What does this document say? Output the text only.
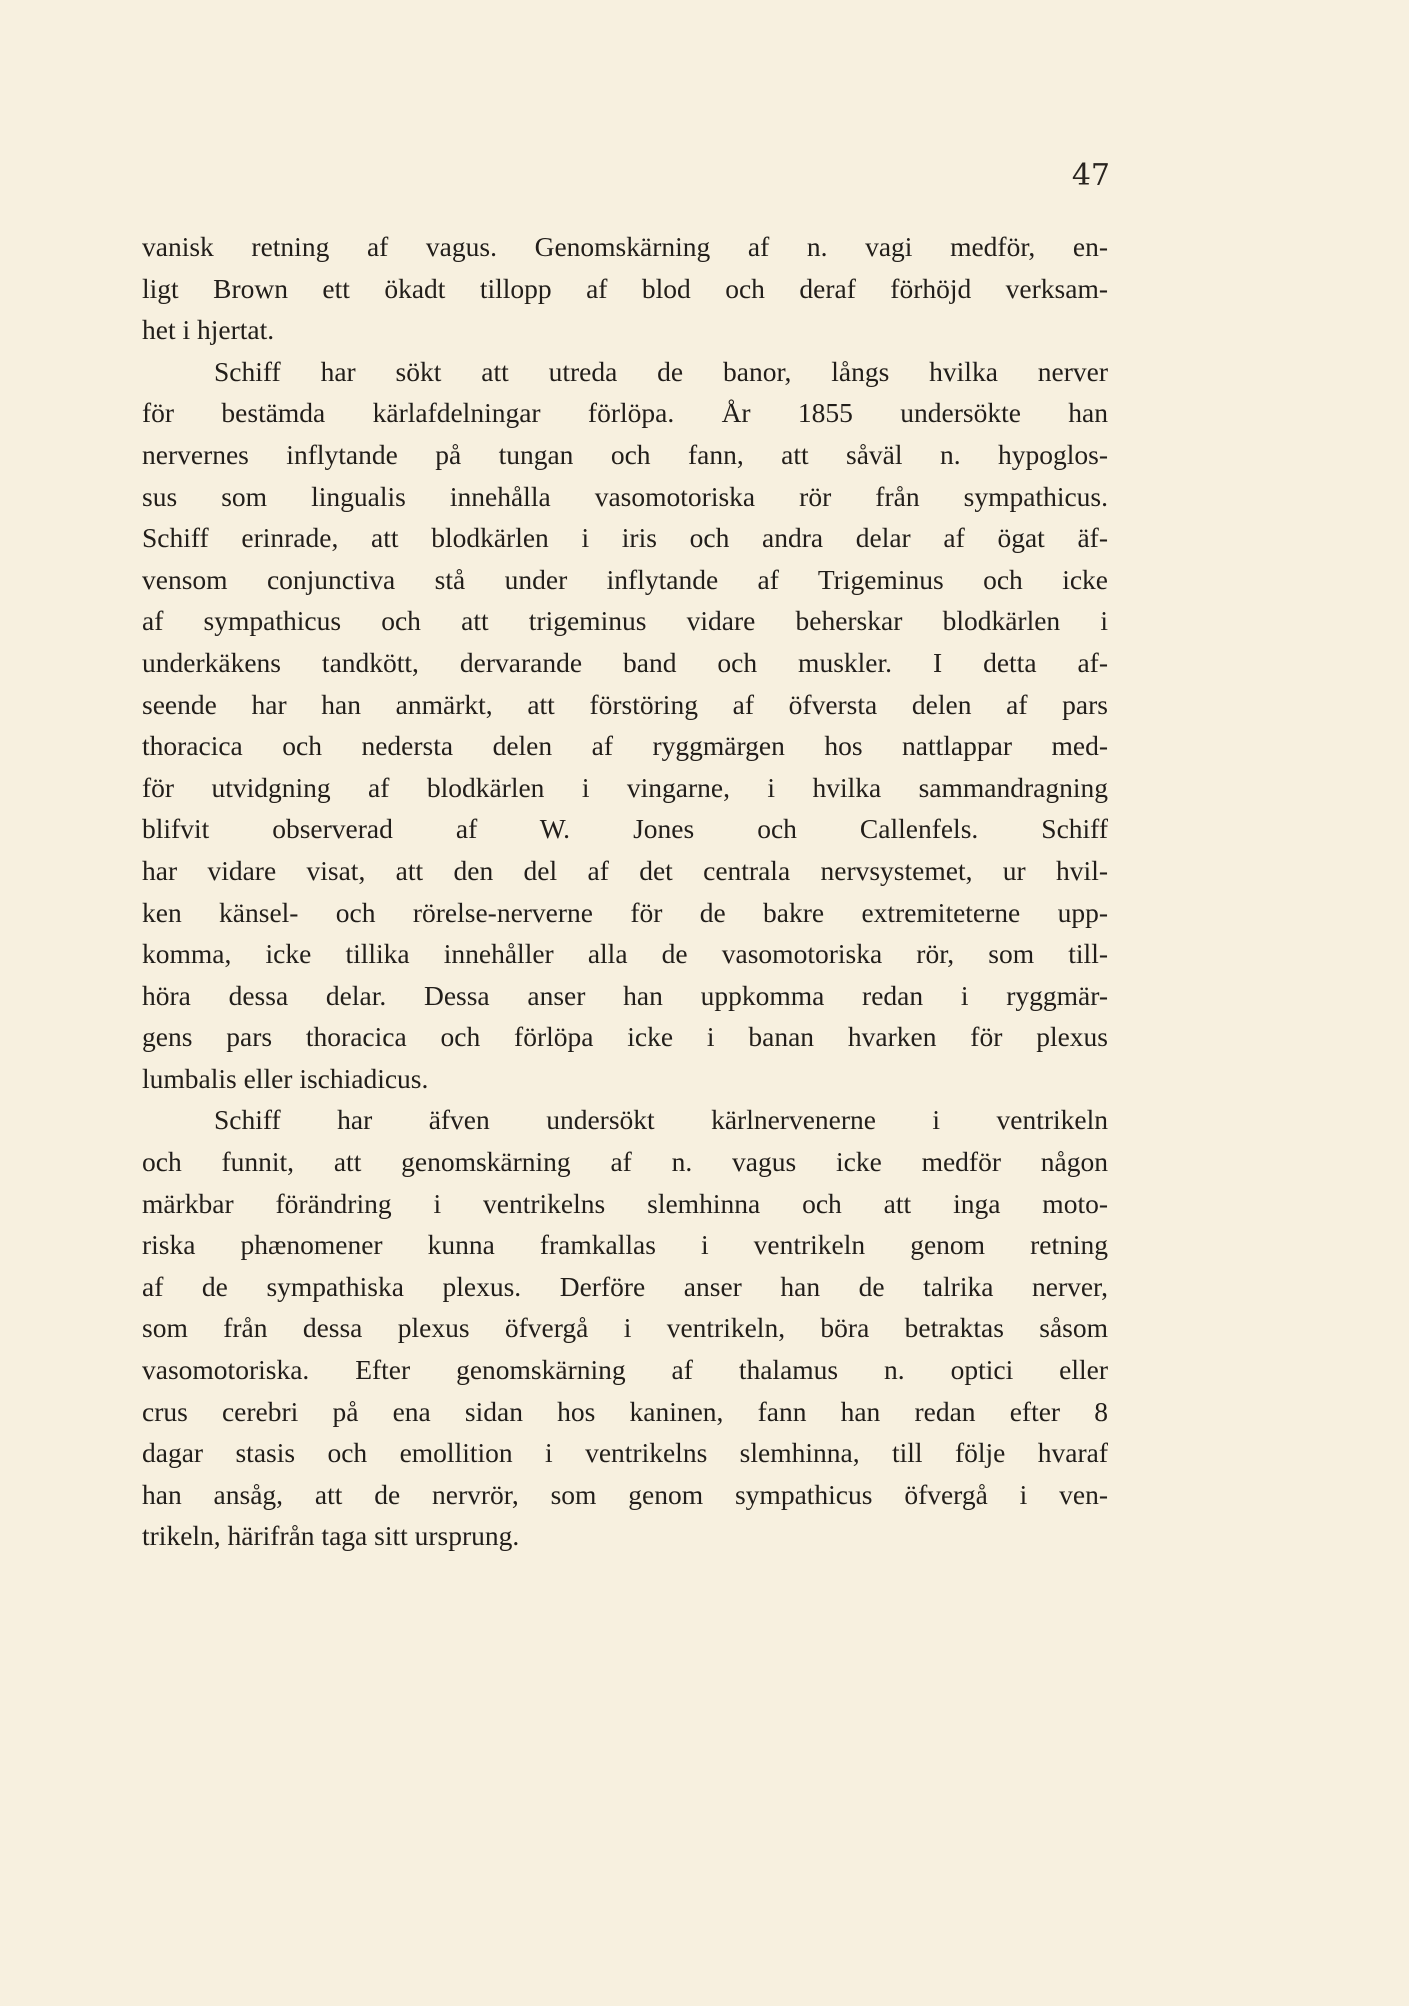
47
vanisk retning af vagus. Genomskärning af n. vagi medför, en-
ligt Brown ett ökadt tillopp af blod och deraf förhöjd verksam-
het i hjertat.
Schiff har sökt att utreda de banor, långs hvilka nerver
för bestämda kärlafdelningar förlöpa. År 1855 undersökte han
nervernes inflytande på tungan och fann, att såväl n. hypoglos-
sus som lingualis innehålla vasomotoriska rör från sympathicus.
Schiff erinrade, att blodkärlen i iris och andra delar af ögat äf-
vensom conjunctiva stå under inflytande af Trigeminus och icke
af sympathicus och att trigeminus vidare beherskar blodkärlen i
underkäkens tandkött, dervarande band och muskler. I detta af-
seende har han anmärkt, att förstöring af öfversta delen af pars
thoracica och nedersta delen af ryggmärgen hos nattlappar med-
för utvidgning af blodkärlen i vingarne, i hvilka sammandragning
blifvit observerad af W. Jones och Callenfels. Schiff
har vidare visat, att den del af det centrala nervsystemet, ur hvil-
ken känsel- och rörelse-nerverne för de bakre extremiteterne upp-
komma, icke tillika innehåller alla de vasomotoriska rör, som till-
höra dessa delar. Dessa anser han uppkomma redan i ryggmär-
gens pars thoracica och förlöpa icke i banan hvarken för plexus
lumbalis eller ischiadicus.
Schiff har äfven undersökt kärlnervenerne i ventrikeln
och funnit, att genomskärning af n. vagus icke medför någon
märkbar förändring i ventrikelns slemhinna och att inga moto-
riska phænomener kunna framkallas i ventrikeln genom retning
af de sympathiska plexus. Derföre anser han de talrika nerver,
som från dessa plexus öfvergå i ventrikeln, böra betraktas såsom
vasomotoriska. Efter genomskärning af thalamus n. optici eller
crus cerebri på ena sidan hos kaninen, fann han redan efter 8
dagar stasis och emollition i ventrikelns slemhinna, till följe hvaraf
han ansåg, att de nervrör, som genom sympathicus öfvergå i ven-
trikeln, härifrån taga sitt ursprung.
